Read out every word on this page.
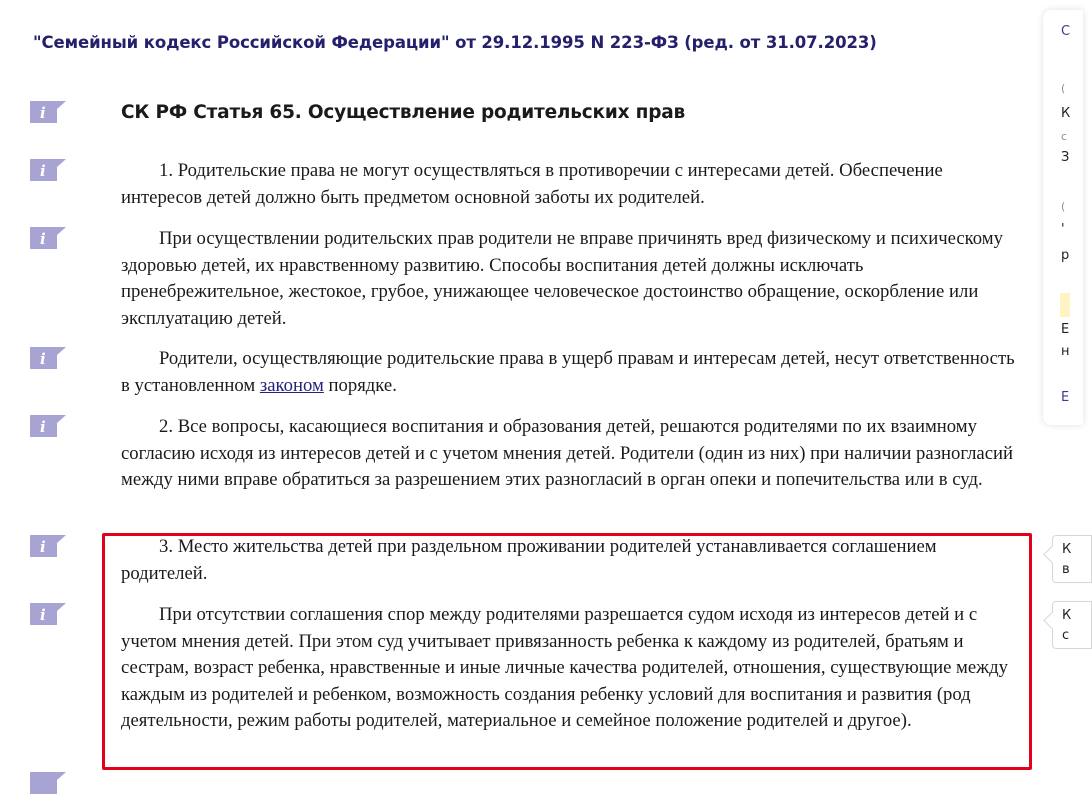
"Семейный кодекс Российской Федерации" от 29.12.1995 N 223-ФЗ (ред. от 31.07.2023)
i
i
i
i
i
i
i
СК РФ Статья 65. Осуществление родительских прав

1. Родительские права не могут осуществляться в противоречии с интересами детей. Обеспечение интересов детей должно быть предметом основной заботы их родителей.

При осуществлении родительских прав родители не вправе причинять вред физическому и психическому здоровью детей, их нравственному развитию. Способы воспитания детей должны исключать пренебрежительное, жестокое, грубое, унижающее человеческое достоинство обращение, оскорбление или эксплуатацию детей.

Родители, осуществляющие родительские права в ущерб правам и интересам детей, несут ответственность в установленном законом порядке.

2. Все вопросы, касающиеся воспитания и образования детей, решаются родителями по их взаимному согласию исходя из интересов детей и с учетом мнения детей. Родители (один из них) при наличии разногласий между ними вправе обратиться за разрешением этих разногласий в орган опеки и попечительства или в суд.

3. Место жительства детей при раздельном проживании родителей устанавливается соглашением родителей.

При отсутствии соглашения спор между родителями разрешается судом исходя из интересов детей и с учетом мнения детей. При этом суд учитывает привязанность ребенка к каждому из родителей, братьям и сестрам, возраст ребенка, нравственные и иные личные качества родителей, отношения, существующие между каждым из родителей и ребенком, возможность создания ребенку условий для воспитания и развития (род деятельности, режим работы родителей, материальное и семейное положение родителей и другое).

С
(
К
с
З
(
'
р
Е
н
Е
К
в
К
с
